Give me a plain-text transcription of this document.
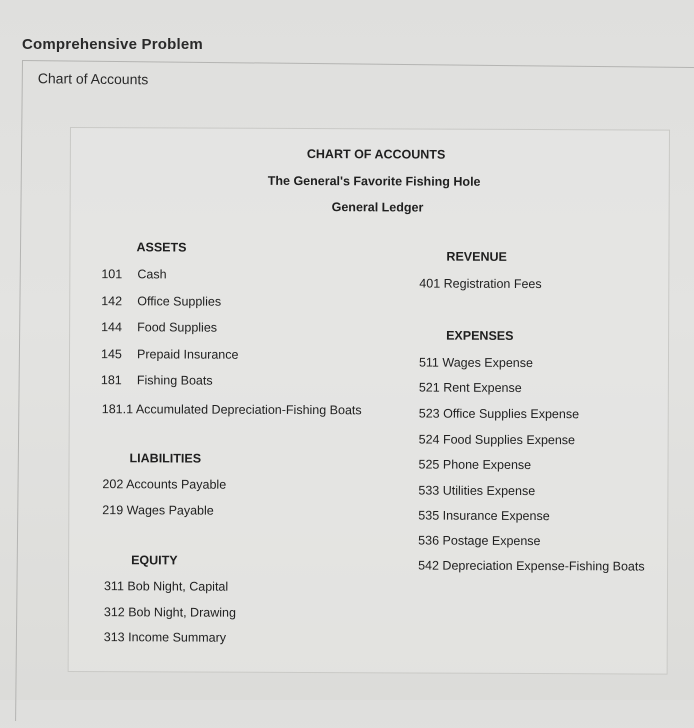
Comprehensive Problem
Chart of Accounts
CHART OF ACCOUNTS
The General's Favorite Fishing Hole
General Ledger
ASSETS
101 Cash
142 Office Supplies
144 Food Supplies
145 Prepaid Insurance
181 Fishing Boats
181.1 Accumulated Depreciation-Fishing Boats
LIABILITIES
202 Accounts Payable
219 Wages Payable
EQUITY
311 Bob Night, Capital
312 Bob Night, Drawing
313 Income Summary
REVENUE
401 Registration Fees
EXPENSES
511 Wages Expense
521 Rent Expense
523 Office Supplies Expense
524 Food Supplies Expense
525 Phone Expense
533 Utilities Expense
535 Insurance Expense
536 Postage Expense
542 Depreciation Expense-Fishing Boats
